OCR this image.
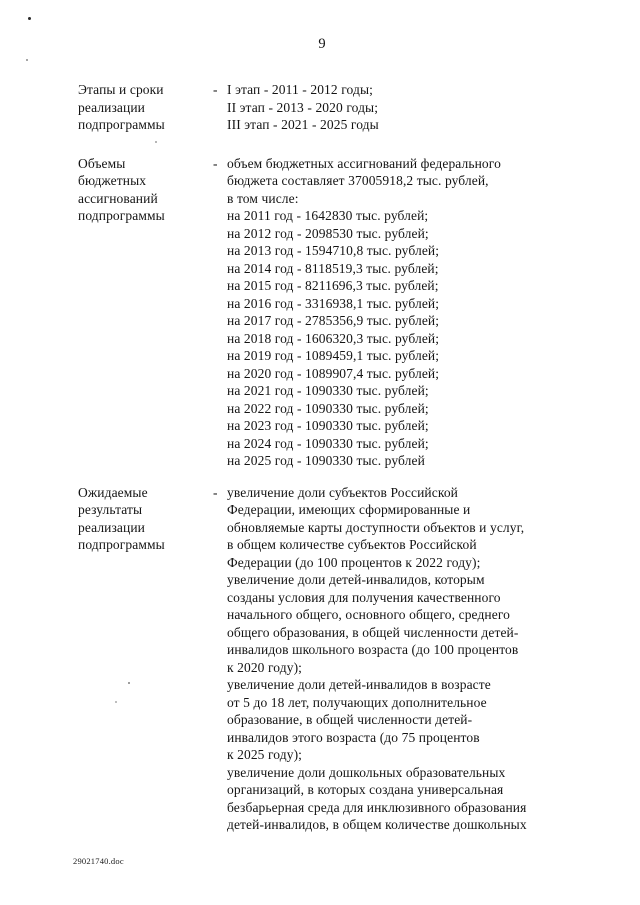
9
Этапы и сроки
реализации
подпрограммы
- I этап - 2011 - 2012 годы;
II этап - 2013 - 2020 годы;
III этап - 2021 - 2025 годы
Объемы
бюджетных
ассигнований
подпрограммы
- объем бюджетных ассигнований федерального
бюджета составляет 37005918,2 тыс. рублей,
в том числе:
на 2011 год - 1642830 тыс. рублей;
на 2012 год - 2098530 тыс. рублей;
на 2013 год - 1594710,8 тыс. рублей;
на 2014 год - 8118519,3 тыс. рублей;
на 2015 год - 8211696,3 тыс. рублей;
на 2016 год - 3316938,1 тыс. рублей;
на 2017 год - 2785356,9 тыс. рублей;
на 2018 год - 1606320,3 тыс. рублей;
на 2019 год - 1089459,1 тыс. рублей;
на 2020 год - 1089907,4 тыс. рублей;
на 2021 год - 1090330 тыс. рублей;
на 2022 год - 1090330 тыс. рублей;
на 2023 год - 1090330 тыс. рублей;
на 2024 год - 1090330 тыс. рублей;
на 2025 год - 1090330 тыс. рублей
Ожидаемые
результаты
реализации
подпрограммы
- увеличение доли субъектов Российской
Федерации, имеющих сформированные и
обновляемые карты доступности объектов и услуг,
в общем количестве субъектов Российской
Федерации (до 100 процентов к 2022 году);
увеличение доли детей-инвалидов, которым
созданы условия для получения качественного
начального общего, основного общего, среднего
общего образования, в общей численности детей-
инвалидов школьного возраста (до 100 процентов
к 2020 году);
увеличение доли детей-инвалидов в возрасте
от 5 до 18 лет, получающих дополнительное
образование, в общей численности детей-
инвалидов этого возраста (до 75 процентов
к 2025 году);
увеличение доли дошкольных образовательных
организаций, в которых создана универсальная
безбарьерная среда для инклюзивного образования
детей-инвалидов, в общем количестве дошкольных
29021740.doc
